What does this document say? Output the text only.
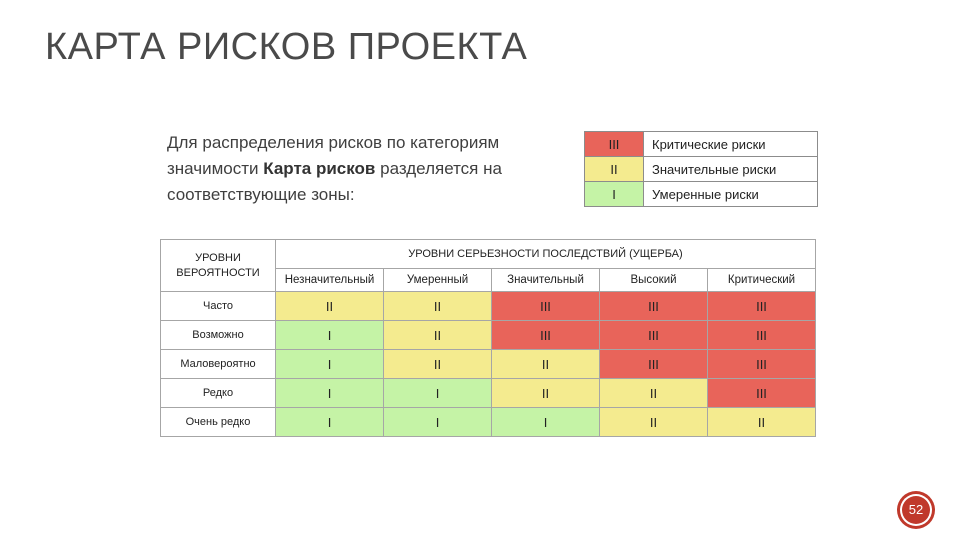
КАРТА РИСКОВ ПРОЕКТА

Для распределения рисков по категориям значимости Карта рисков разделяется на соответствующие зоны:

III	Критические риски
II	Значительные риски
I	Умеренные риски
УРОВНИ ВЕРОЯТНОСТИ	УРОВНИ СЕРЬЕЗНОСТИ ПОСЛЕДСТВИЙ (УЩЕРБА)				
	Незначительный	Умеренный	Значительный	Высокий	Критический
Часто	II	II	III	III	III
Возможно	I	II	III	III	III
Маловероятно	I	II	II	III	III
Редко	I	I	II	II	III
Очень редко	I	I	I	II	II
52
